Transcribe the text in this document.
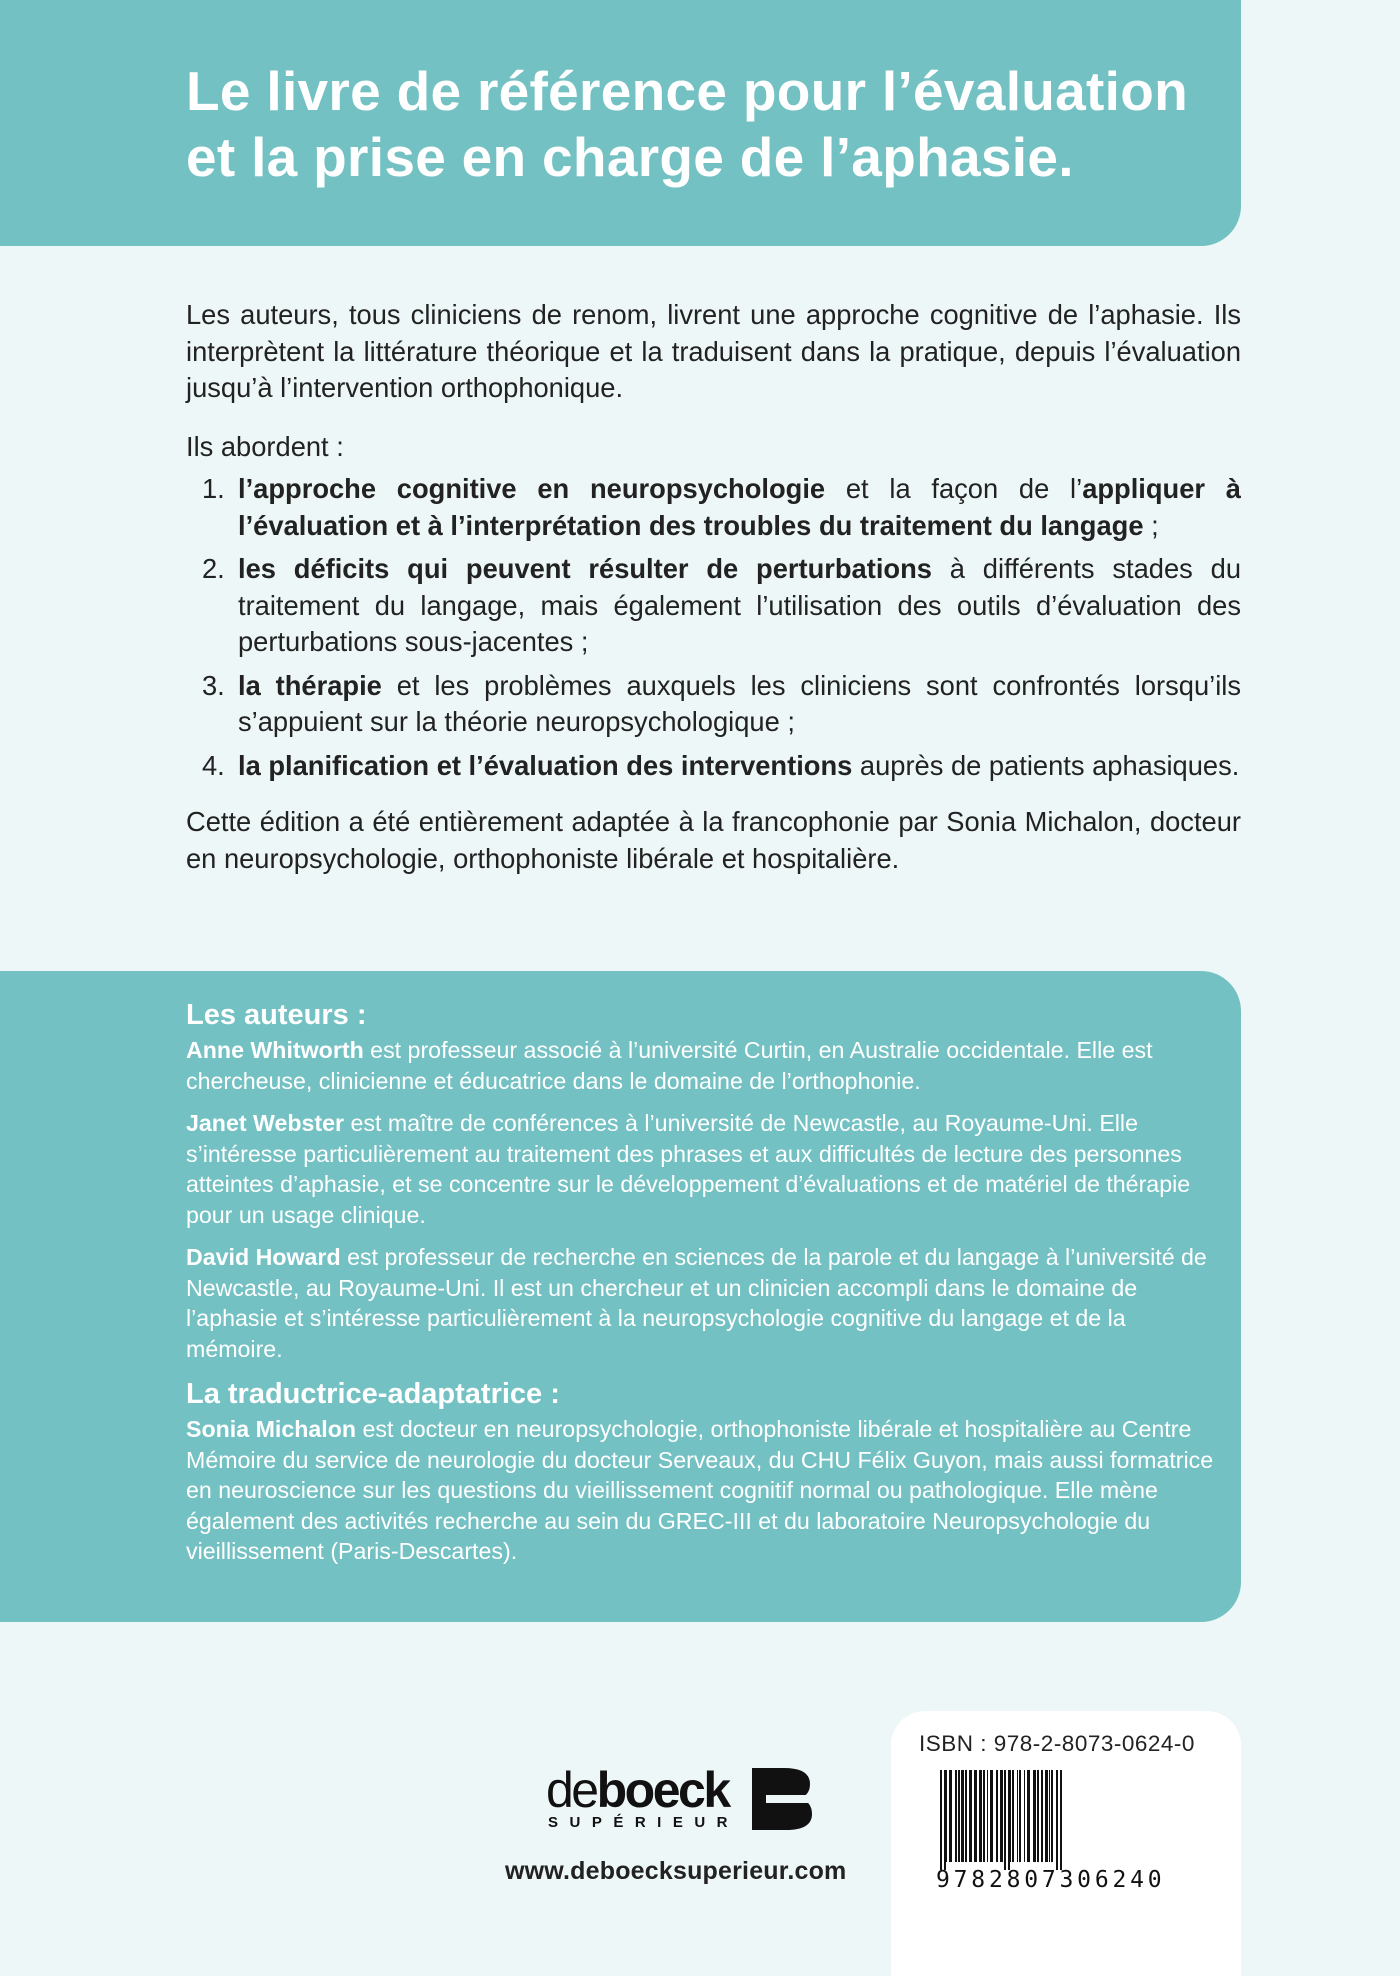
Le livre de référence pour l’évaluation
et la prise en charge de l’aphasie.

Les auteurs, tous cliniciens de renom, livrent une approche cognitive de l’aphasie. Ils interprètent la littérature théorique et la traduisent dans la pratique, depuis l’évaluation jusqu’à l’intervention orthophonique.

Ils abordent :

1. l’approche cognitive en neuropsychologie et la façon de l’appliquer à l’évaluation et à l’interprétation des troubles du traitement du langage ;
2. les déficits qui peuvent résulter de perturbations à différents stades du traitement du langage, mais également l’utilisation des outils d’évaluation des perturbations sous-jacentes ;
3. la thérapie et les problèmes auxquels les cliniciens sont confrontés lorsqu’ils s’appuient sur la théorie neuropsychologique ;
4. la planification et l’évaluation des interventions auprès de patients aphasiques.

Cette édition a été entièrement adaptée à la francophonie par Sonia Michalon, docteur en neuropsychologie, orthophoniste libérale et hospitalière.

Les auteurs :

Anne Whitworth est professeur associé à l’université Curtin, en Australie occidentale. Elle est chercheuse, clinicienne et éducatrice dans le domaine de l’orthophonie.

Janet Webster est maître de conférences à l’université de Newcastle, au Royaume-Uni. Elle s’intéresse particulièrement au traitement des phrases et aux difficultés de lecture des personnes atteintes d’aphasie, et se concentre sur le développement d’évaluations et de matériel de thérapie pour un usage clinique.

David Howard est professeur de recherche en sciences de la parole et du langage à l’université de Newcastle, au Royaume-Uni. Il est un chercheur et un clinicien accompli dans le domaine de l’aphasie et s’intéresse particulièrement à la neuropsychologie cognitive du langage et de la mémoire.

La traductrice-adaptatrice :

Sonia Michalon est docteur en neuropsychologie, orthophoniste libérale et hospitalière au Centre Mémoire du service de neurologie du docteur Serveaux, du CHU Félix Guyon, mais aussi formatrice en neuroscience sur les questions du vieillissement cognitif normal ou pathologique. Elle mène également des activités recherche au sein du GREC-III et du laboratoire Neuropsychologie du vieillissement (Paris-Descartes).

deboeck
SUPÉRIEUR
www.deboecksuperieur.com
ISBN : 978-2-8073-0624-0
9782807306240
